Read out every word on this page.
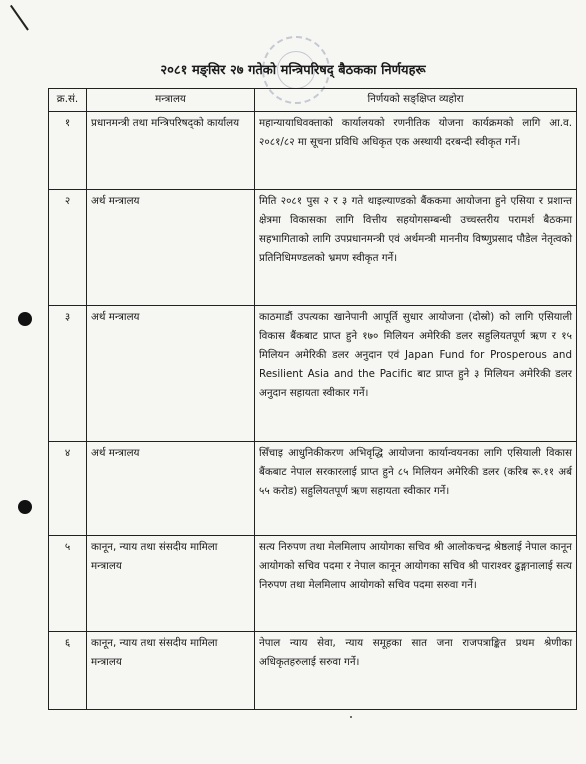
२०८१ मङ्सिर २७ गतेको मन्त्रिपरिषद् बैठकका निर्णयहरू
क्र.सं.	मन्त्रालय	निर्णयको सङ्क्षिप्त व्यहोरा
१	प्रधानमन्त्री तथा मन्त्रिपरिषद्को कार्यालय	महान्यायाधिवक्ताको कार्यालयको रणनीतिक योजना कार्यक्रमको लागि आ.व. २०८१/८२ मा सूचना प्रविधि अधिकृत एक अस्थायी दरबन्दी स्वीकृत गर्ने।
२	अर्थ मन्त्रालय	मिति २०८१ पुस २ र ३ गते थाइल्याण्डको बैंककमा आयोजना हुने एसिया र प्रशान्त क्षेत्रमा विकासका लागि वित्तीय सहयोगसम्बन्धी उच्चस्तरीय परामर्श बैठकमा सहभागिताको लागि उपप्रधानमन्त्री एवं अर्थमन्त्री माननीय विष्णुप्रसाद पौडेल नेतृत्वको प्रतिनिधिमण्डलको भ्रमण स्वीकृत गर्ने।
३	अर्थ मन्त्रालय	काठमाडौं उपत्यका खानेपानी आपूर्ति सुधार आयोजना (दोस्रो) को लागि एसियाली विकास बैंकबाट प्राप्त हुने १७० मिलियन अमेरिकी डलर सहुलियतपूर्ण ऋण र १५ मिलियन अमेरिकी डलर अनुदान एवं Japan Fund for Prosperous and Resilient Asia and the Pacific बाट प्राप्त हुने ३ मिलियन अमेरिकी डलर अनुदान सहायता स्वीकार गर्ने।
४	अर्थ मन्त्रालय	सिँचाइ आधुनिकीकरण अभिवृद्धि आयोजना कार्यान्वयनका लागि एसियाली विकास बैंकबाट नेपाल सरकारलाई प्राप्त हुने ८५ मिलियन अमेरिकी डलर (करिब रू.११ अर्ब ५५ करोड) सहुलियतपूर्ण ऋण सहायता स्वीकार गर्ने।
५	कानून, न्याय तथा संसदीय मामिला मन्त्रालय	सत्य निरुपण तथा मेलमिलाप आयोगका सचिव श्री आलोकचन्द्र श्रेष्ठलाई नेपाल कानून आयोगको सचिव पदमा र नेपाल कानून आयोगका सचिव श्री पाराश्वर ढुङ्गानालाई सत्य निरुपण तथा मेलमिलाप आयोगको सचिव पदमा सरुवा गर्ने।
६	कानून, न्याय तथा संसदीय मामिला मन्त्रालय	नेपाल न्याय सेवा, न्याय समूहका सात जना राजपत्राङ्कित प्रथम श्रेणीका अधिकृतहरुलाई सरुवा गर्ने।
